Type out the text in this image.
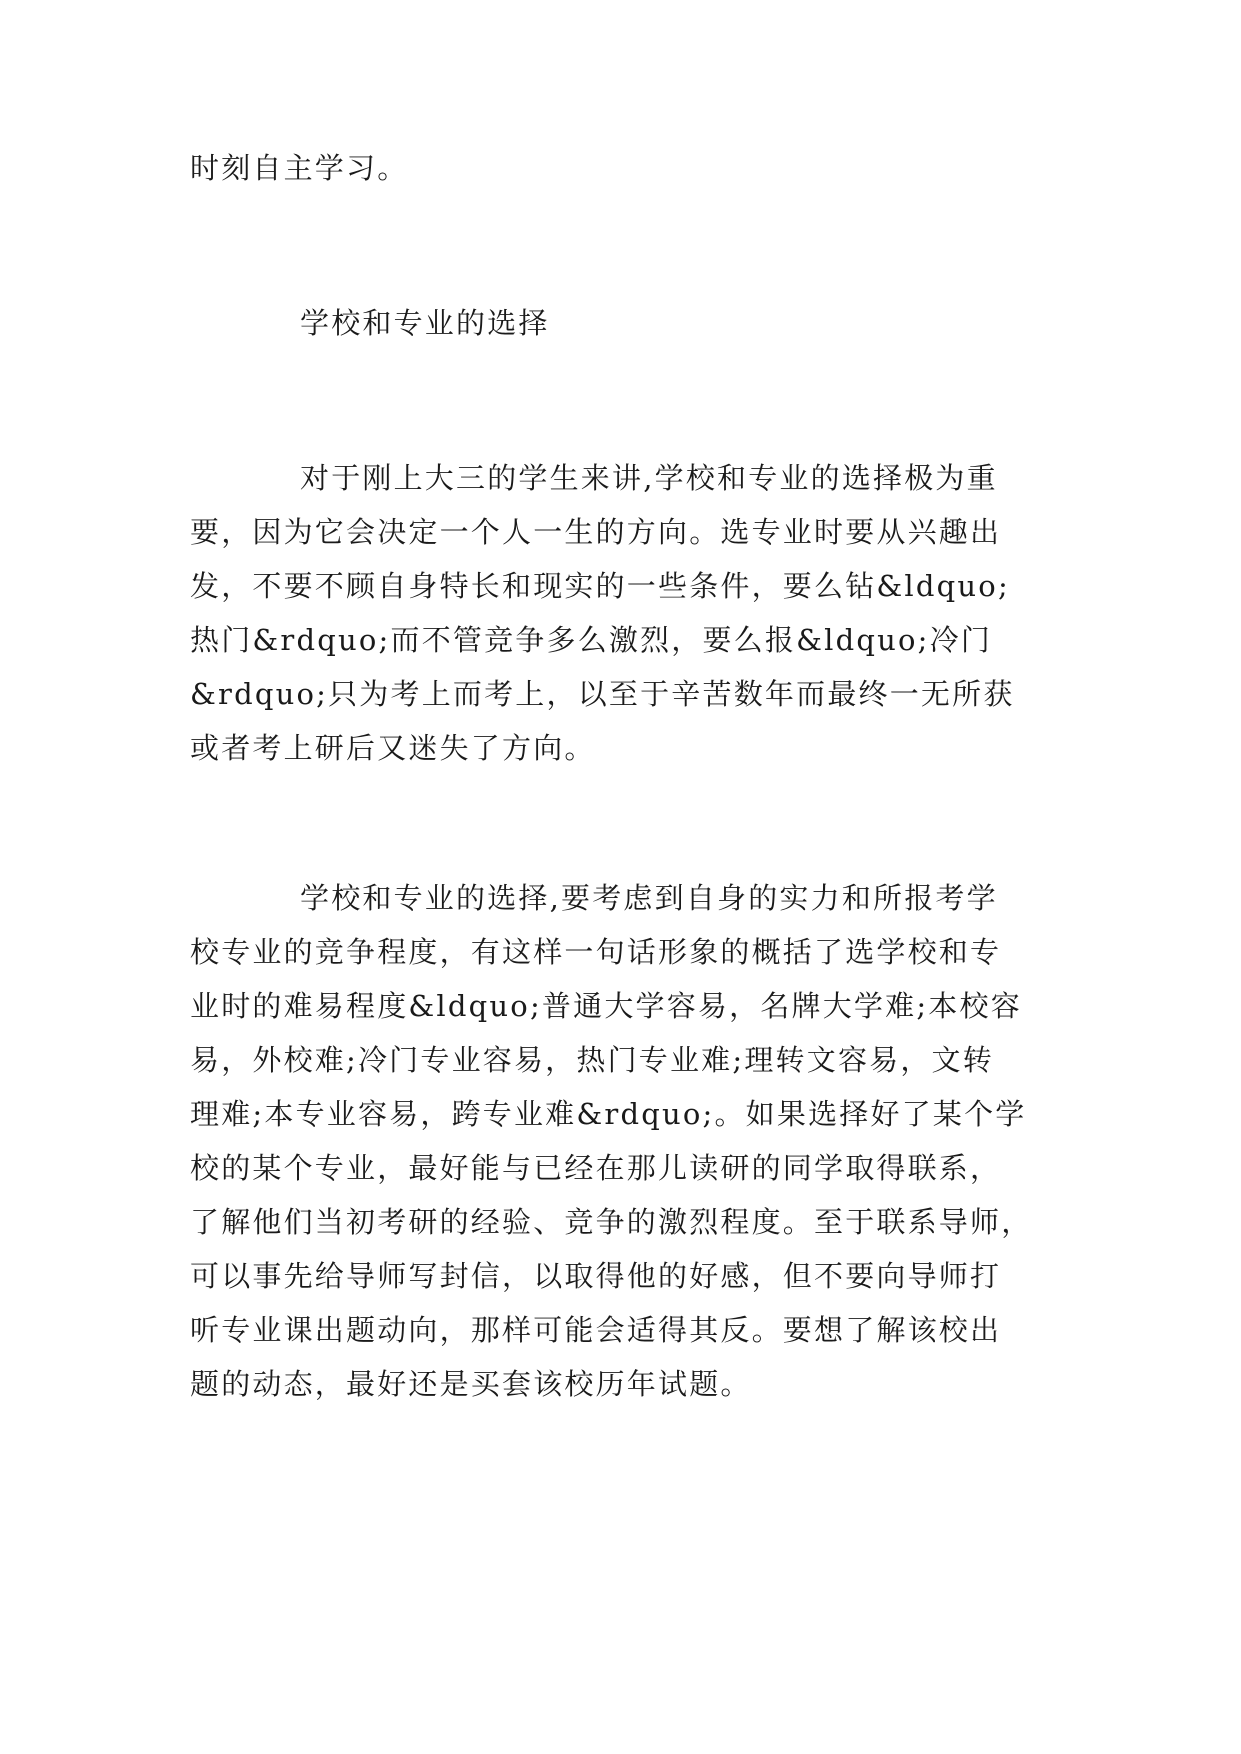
时刻自主学习。
学校和专业的选择
对于刚上大三的学生来讲,学校和专业的选择极为重
要，因为它会决定一个人一生的方向。选专业时要从兴趣出
发，不要不顾自身特长和现实的一些条件，要么钻&ldquo;
热门&rdquo;而不管竞争多么激烈，要么报&ldquo;冷门
&rdquo;只为考上而考上，以至于辛苦数年而最终一无所获
或者考上研后又迷失了方向。
学校和专业的选择,要考虑到自身的实力和所报考学
校专业的竞争程度，有这样一句话形象的概括了选学校和专
业时的难易程度&ldquo;普通大学容易，名牌大学难;本校容
易，外校难;冷门专业容易，热门专业难;理转文容易，文转
理难;本专业容易，跨专业难&rdquo;。如果选择好了某个学
校的某个专业，最好能与已经在那儿读研的同学取得联系，
了解他们当初考研的经验、竞争的激烈程度。至于联系导师，
可以事先给导师写封信，以取得他的好感，但不要向导师打
听专业课出题动向，那样可能会适得其反。要想了解该校出
题的动态，最好还是买套该校历年试题。
